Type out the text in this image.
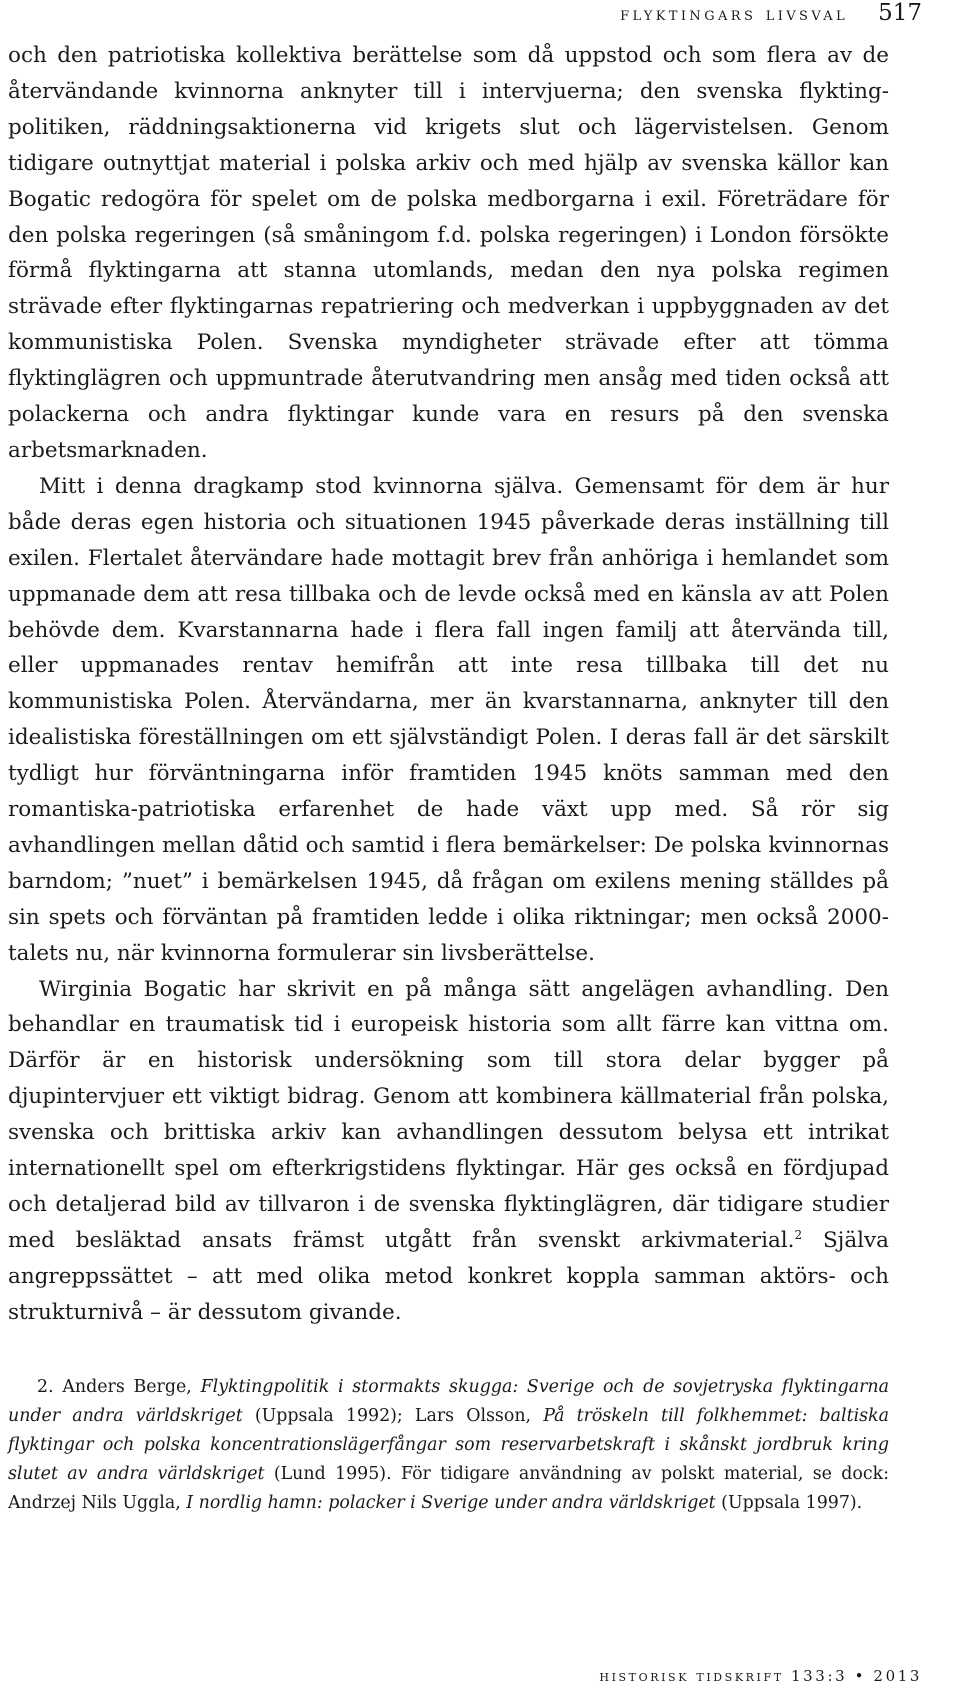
flyktingars livsval 517

och den patriotiska kollektiva berättelse som då uppstod och som flera av de återvändande kvinnorna anknyter till i intervjuerna; den svenska flyktingpolitiken, räddningsaktionerna vid krigets slut och lägervistelsen. Genom tidigare outnyttjat material i polska arkiv och med hjälp av svenska källor kan Bogatic redogöra för spelet om de polska medborgarna i exil. Företrädare för den polska regeringen (så småningom f.d. polska regeringen) i London försökte förmå flyktingarna att stanna utomlands, medan den nya polska regimen strävade efter flyktingarnas repatriering och medverkan i uppbyggnaden av det kommunistiska Polen. Svenska myndigheter strävade efter att tömma flyktinglägren och uppmuntrade återutvandring men ansåg med tiden också att polackerna och andra flyktingar kunde vara en resurs på den svenska arbetsmarknaden.

Mitt i denna dragkamp stod kvinnorna själva. Gemensamt för dem är hur både deras egen historia och situationen 1945 påverkade deras inställning till exilen. Flertalet återvändare hade mottagit brev från anhöriga i hemlandet som uppmanade dem att resa tillbaka och de levde också med en känsla av att Polen behövde dem. Kvarstannarna hade i flera fall ingen familj att återvända till, eller uppmanades rentav hemifrån att inte resa tillbaka till det nu kommunistiska Polen. Återvändarna, mer än kvarstannarna, anknyter till den idealistiska föreställningen om ett självständigt Polen. I deras fall är det särskilt tydligt hur förväntningarna inför framtiden 1945 knöts samman med den romantiska-patriotiska erfarenhet de hade växt upp med. Så rör sig avhandlingen mellan dåtid och samtid i flera bemärkelser: De polska kvinnornas barndom; ”nuet” i bemärkelsen 1945, då frågan om exilens mening ställdes på sin spets och förväntan på framtiden ledde i olika riktningar; men också 2000-talets nu, när kvinnorna formulerar sin livsberättelse.

Wirginia Bogatic har skrivit en på många sätt angelägen avhandling. Den behandlar en traumatisk tid i europeisk historia som allt färre kan vittna om. Därför är en historisk undersökning som till stora delar bygger på djupintervjuer ett viktigt bidrag. Genom att kombinera källmaterial från polska, svenska och brittiska arkiv kan avhandlingen dessutom belysa ett intrikat internationellt spel om efterkrigstidens flyktingar. Här ges också en fördjupad och detaljerad bild av tillvaron i de svenska flyktinglägren, där tidigare studier med besläktad ansats främst utgått från svenskt arkivmaterial.$^2$ Själva angreppssättet – att med olika metod konkret koppla samman aktörs- och strukturnivå – är dessutom givande.

2. Anders Berge, Flyktingpolitik i stormakts skugga: Sverige och de sovjetryska flyktingarna under andra världskriget (Uppsala 1992); Lars Olsson, På tröskeln till folkhemmet: baltiska flyktingar och polska koncentrationslägerfångar som reservarbetskraft i skånskt jordbruk kring slutet av andra världskriget (Lund 1995). För tidigare användning av polskt material, se dock: Andrzej Nils Uggla, I nordlig hamn: polacker i Sverige under andra världskriget (Uppsala 1997).

historisk tidskrift 133:3 • 2013
